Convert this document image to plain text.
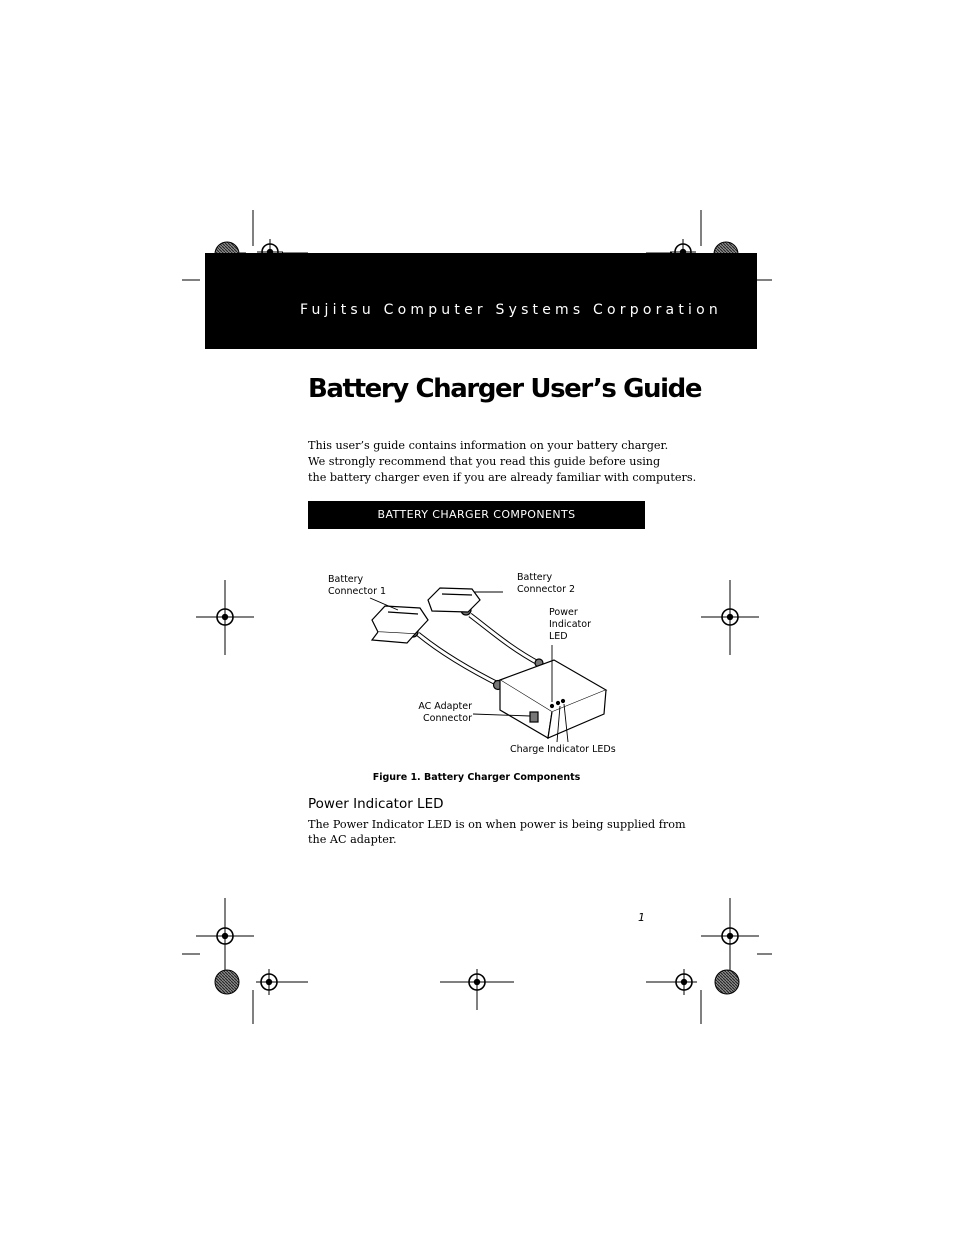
Fujitsu Computer Systems Corporation
Battery Charger User’s Guide
This user’s guide contains information on your battery charger.
We strongly recommend that you read this guide before using
the battery charger even if you are already familiar with computers.
BATTERY CHARGER COMPONENTS
Battery
Connector 1
Battery
Connector 2
Power
Indicator
LED
AC Adapter
Connector
Charge Indicator LEDs
Figure 1. Battery Charger Components
Power Indicator LED
The Power Indicator LED is on when power is being supplied from
the AC adapter.
1
